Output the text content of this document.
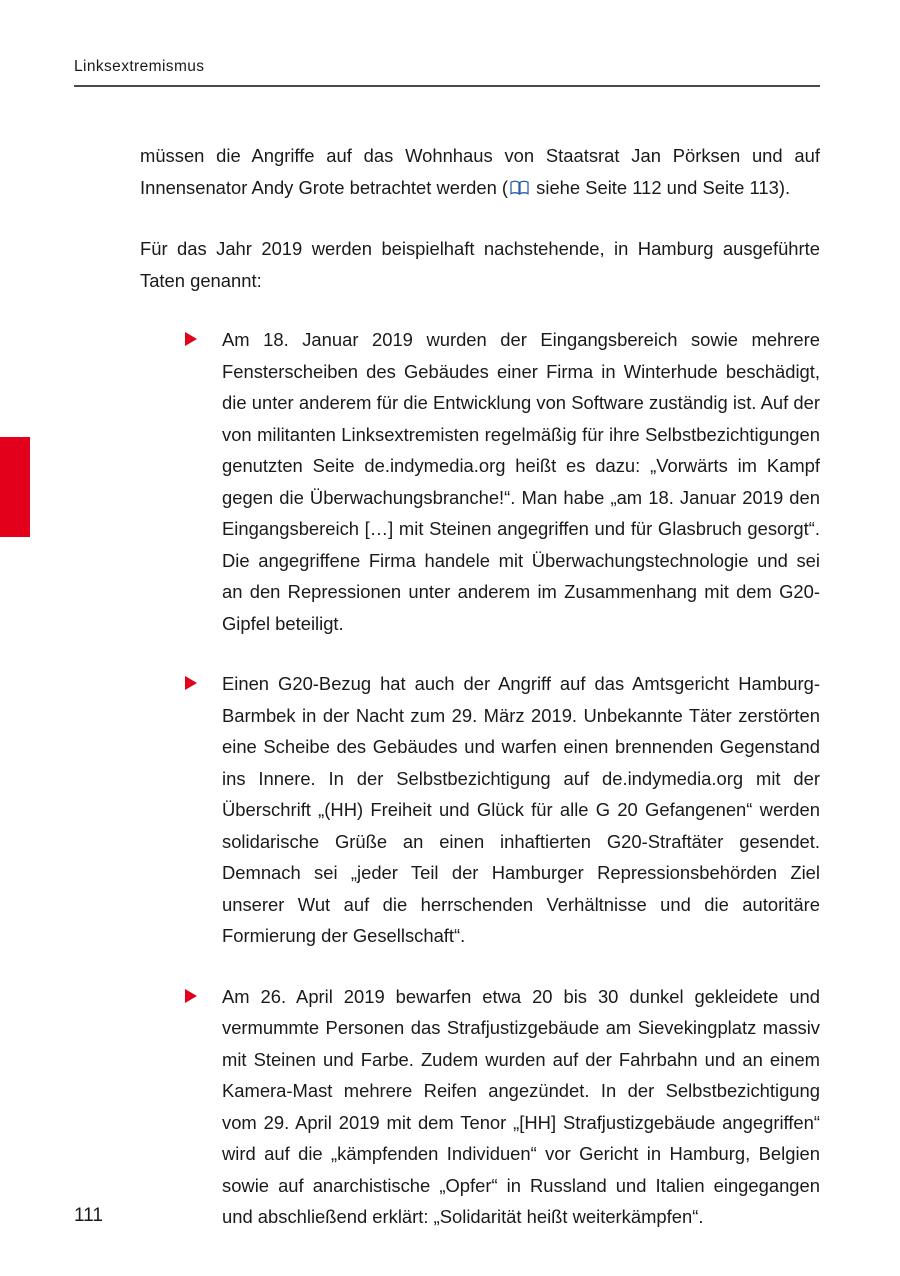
Linksextremismus

müssen die Angriffe auf das Wohnhaus von Staatsrat Jan Pörksen und auf Innensenator Andy Grote betrachtet werden ( siehe Seite 112 und Seite 113).

Für das Jahr 2019 werden beispielhaft nachstehende, in Hamburg ausgeführte Taten genannt:

Am 18. Januar 2019 wurden der Eingangsbereich sowie mehrere Fensterscheiben des Gebäudes einer Firma in Winterhude beschädigt, die unter anderem für die Entwicklung von Software zuständig ist. Auf der von militanten Linksextremisten regelmäßig für ihre Selbstbezichtigungen genutzten Seite de.indymedia.org heißt es dazu: „Vorwärts im Kampf gegen die Überwachungsbranche!“. Man habe „am 18. Januar 2019 den Eingangsbereich […] mit Steinen angegriffen und für Glasbruch gesorgt“. Die angegriffene Firma handele mit Überwachungstechnologie und sei an den Repressionen unter anderem im Zusammenhang mit dem G20-Gipfel beteiligt.
Einen G20-Bezug hat auch der Angriff auf das Amtsgericht Hamburg-Barmbek in der Nacht zum 29. März 2019. Unbekannte Täter zerstörten eine Scheibe des Gebäudes und warfen einen brennenden Gegenstand ins Innere. In der Selbstbezichtigung auf de.indymedia.org mit der Überschrift „(HH) Freiheit und Glück für alle G 20 Gefangenen“ werden solidarische Grüße an einen inhaftierten G20-Straftäter gesendet. Demnach sei „jeder Teil der Hamburger Repressionsbehörden Ziel unserer Wut auf die herrschenden Verhältnisse und die autoritäre Formierung der Gesellschaft“.
Am 26. April 2019 bewarfen etwa 20 bis 30 dunkel gekleidete und vermummte Personen das Strafjustizgebäude am Sievekingplatz massiv mit Steinen und Farbe. Zudem wurden auf der Fahrbahn und an einem Kamera-Mast mehrere Reifen angezündet. In der Selbstbezichtigung vom 29. April 2019 mit dem Tenor „[HH] Strafjustizgebäude angegriffen“ wird auf die „kämpfenden Individuen“ vor Gericht in Hamburg, Belgien sowie auf anarchistische „Opfer“ in Russland und Italien eingegangen und abschließend erklärt: „Solidarität heißt weiterkämpfen“.
111
